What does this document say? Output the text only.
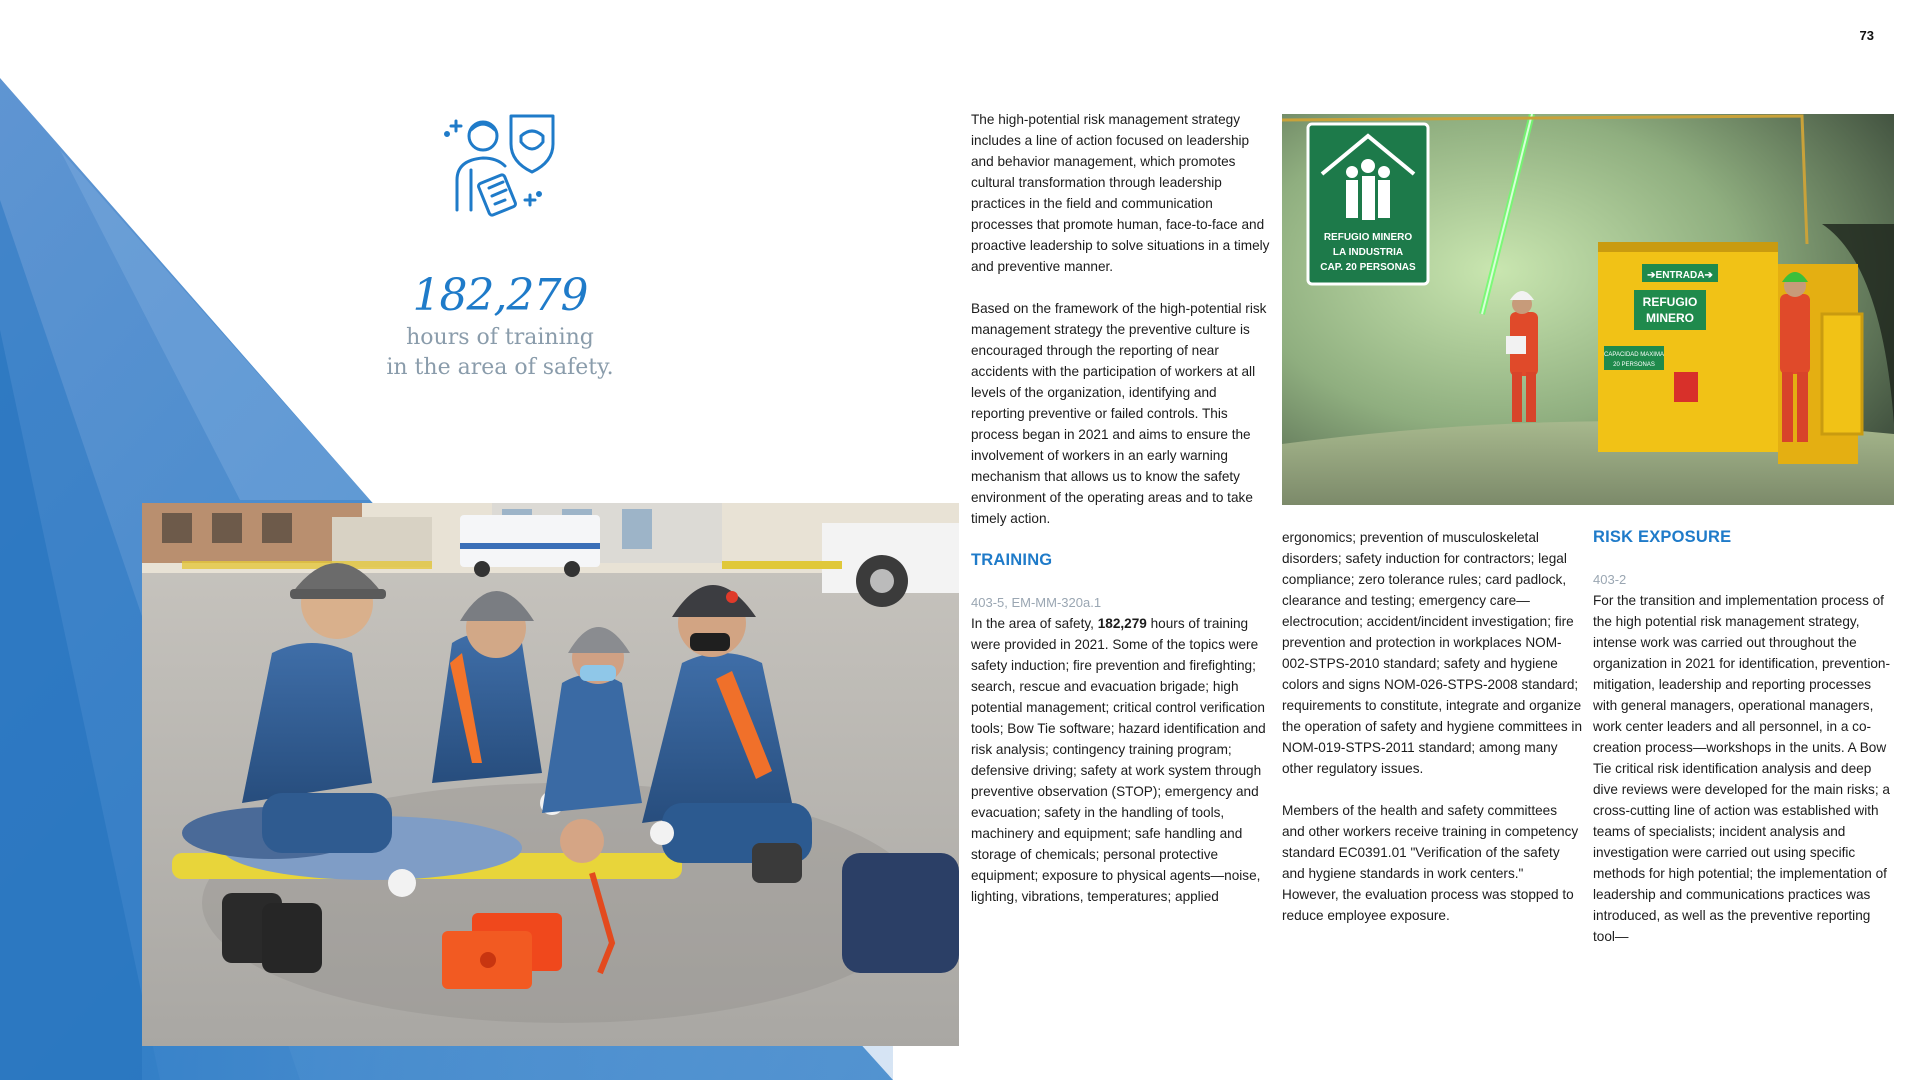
73
182,279
hours of training
in the area of safety.
REFUGIO MINERO
LA INDUSTRIA
CAP. 20 PERSONAS
➔ENTRADA➔
REFUGIO
MINERO
CAPACIDAD MAXIMA
20 PERSONAS

The high-potential risk management strategy includes a line of action focused on leadership and behavior management, which promotes cultural transformation through leadership practices in the field and communication processes that promote human, face-to-face and proactive leadership to solve situations in a timely and preventive manner.

Based on the framework of the high-potential risk management strategy the preventive culture is encouraged through the reporting of near accidents with the participation of workers at all levels of the organization, identifying and reporting preventive or failed controls. This process began in 2021 and aims to ensure the involvement of workers in an early warning mechanism that allows us to know the safety environment of the operating areas and to take timely action.

TRAINING
403-5, EM-MM-320a.1

In the area of safety, 182,279 hours of training were provided in 2021. Some of the topics were safety induction; fire prevention and firefighting; search, rescue and evacuation brigade; high potential management; critical control verification tools; Bow Tie software; hazard identification and risk analysis; contingency training program; defensive driving; safety at work system through preventive observation (STOP); emergency and evacuation; safety in the handling of tools, machinery and equipment; safe handling and storage of chemicals; personal protective equipment; exposure to physical agents—noise, lighting, vibrations, temperatures; applied

ergonomics; prevention of musculoskeletal disorders; safety induction for contractors; legal compliance; zero tolerance rules; card padlock, clearance and testing; emergency care—electrocution; accident/incident investigation; fire prevention and protection in workplaces NOM-002-STPS-2010 standard; safety and hygiene colors and signs NOM-026-STPS-2008 standard; requirements to constitute, integrate and organize the operation of safety and hygiene committees in NOM-019-STPS-2011 standard; among many other regulatory issues.

Members of the health and safety committees and other workers receive training in competency standard EC0391.01 "Verification of the safety and hygiene standards in work centers." However, the evaluation process was stopped to reduce employee exposure.

RISK EXPOSURE
403-2

For the transition and implementation process of the high potential risk management strategy, intense work was carried out throughout the organization in 2021 for identification, prevention-mitigation, leadership and reporting processes with general managers, operational managers, work center leaders and all personnel, in a co-creation process—workshops in the units. A Bow Tie critical risk identification analysis and deep dive reviews were developed for the main risks; a cross-cutting line of action was established with teams of specialists; incident analysis and investigation were carried out using specific methods for high potential; the implementation of leadership and communications practices was introduced, as well as the preventive reporting tool—
